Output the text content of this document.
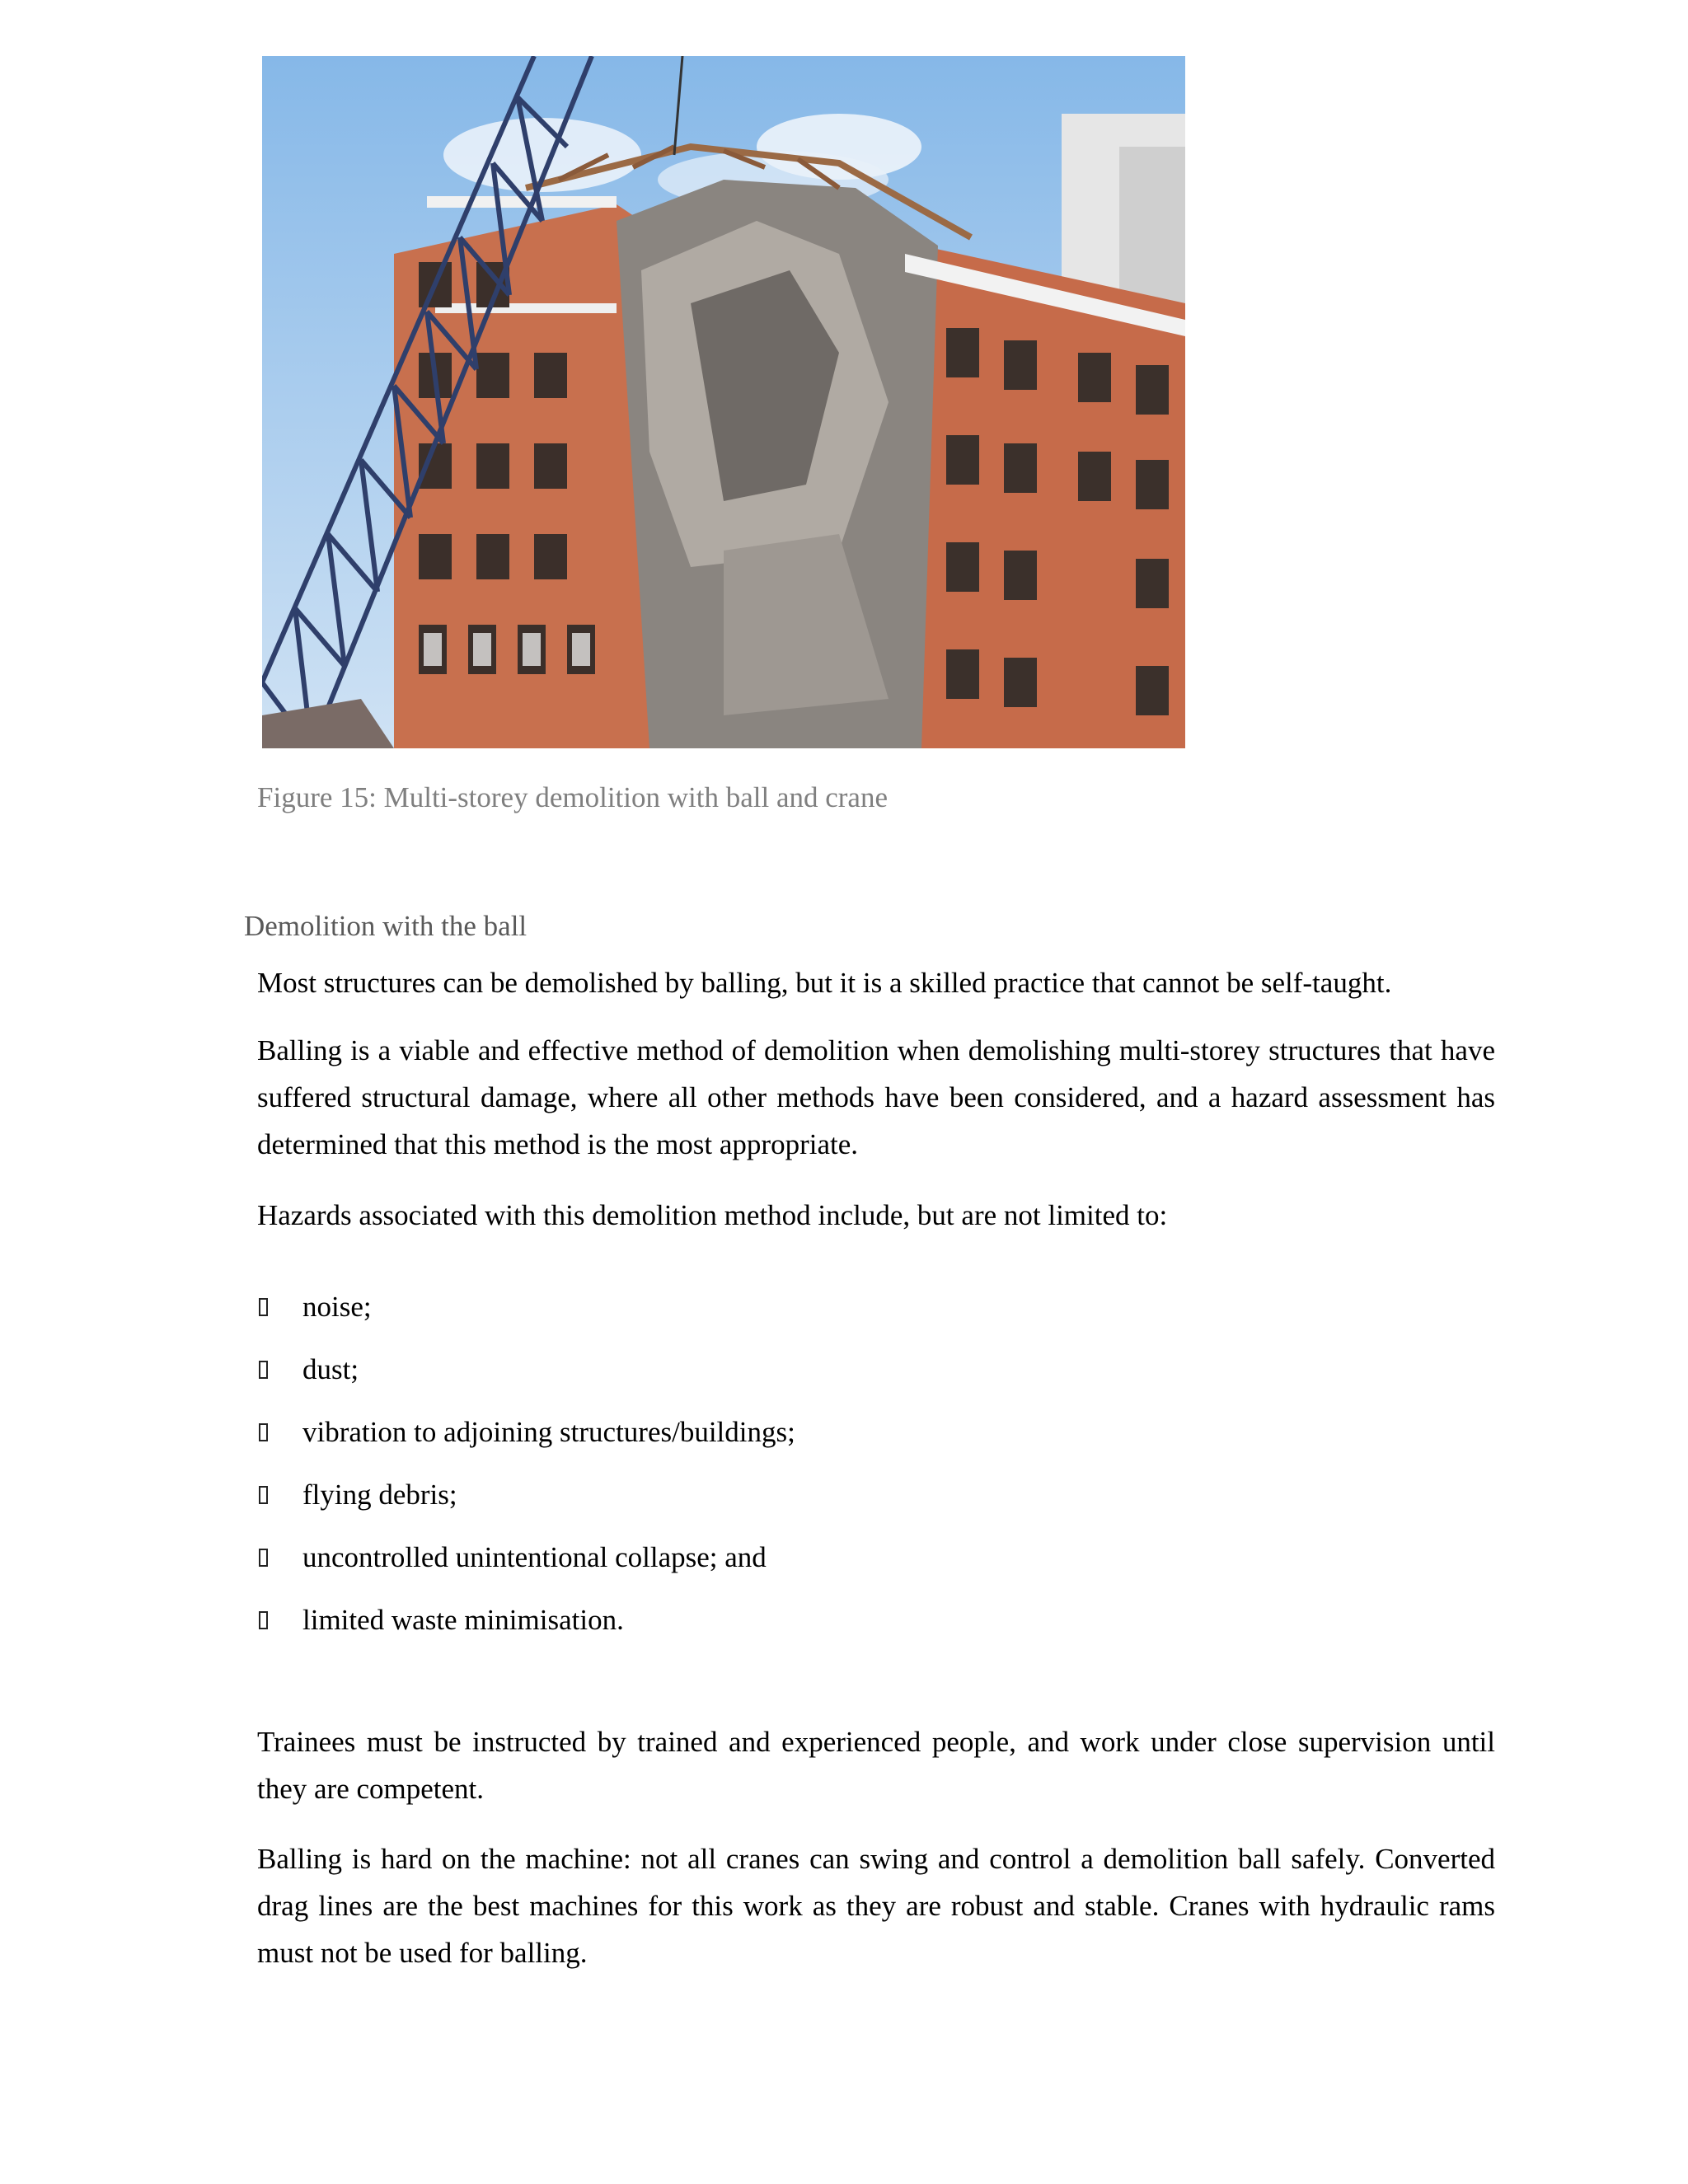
Figure 15: Multi-storey demolition with ball and crane
Demolition with the ball

Most structures can be demolished by balling, but it is a skilled practice that cannot be self-taught.

Balling is a viable and effective method of demolition when demolishing multi-storey structures that have suffered structural damage, where all other methods have been considered, and a hazard assessment has determined that this method is the most appropriate.

Hazards associated with this demolition method include, but are not limited to:

noise;
dust;
vibration to adjoining structures/buildings;
flying debris;
uncontrolled unintentional collapse; and
limited waste minimisation.

Trainees must be instructed by trained and experienced people, and work under close supervision until they are competent.

Balling is hard on the machine: not all cranes can swing and control a demolition ball safely. Converted drag lines are the best machines for this work as they are robust and stable. Cranes with hydraulic rams must not be used for balling.
